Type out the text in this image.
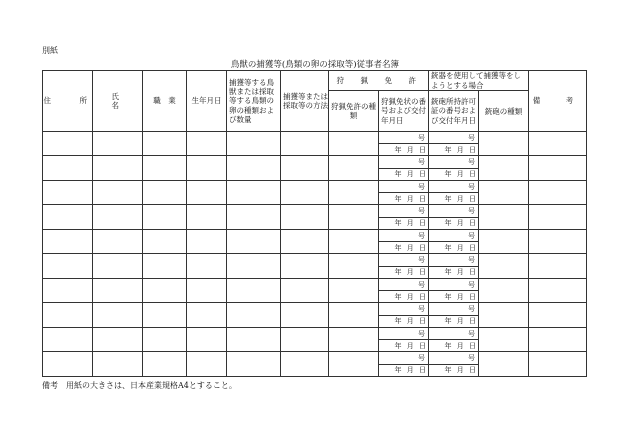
別紙
鳥獣の捕獲等(鳥類の卵の採取等)従事者名簿
住　　所	氏　　　名	職　業	生年月日	捕獲等する鳥獣または採取等する鳥類の卵の種類および数量	捕獲等または採取等の方法	狩　猟　免　許		銃器を使用して捕獲等をしようとする場合		備　考
						狩猟免許の種類	狩猟免状の番号および交付年月日	銃砲所持許可証の番号および交付年月日	銃砲の種類	
							号	号		
							年 月 日	年 月 日		
							号	号		
							年 月 日	年 月 日		
							号	号		
							年 月 日	年 月 日		
							号	号		
							年 月 日	年 月 日		
							号	号		
							年 月 日	年 月 日		
							号	号		
							年 月 日	年 月 日		
							号	号		
							年 月 日	年 月 日		
							号	号		
							年 月 日	年 月 日		
							号	号		
							年 月 日	年 月 日		
							号	号		
							年 月 日	年 月 日		
備考　用紙の大きさは、日本産業規格A4とすること。
